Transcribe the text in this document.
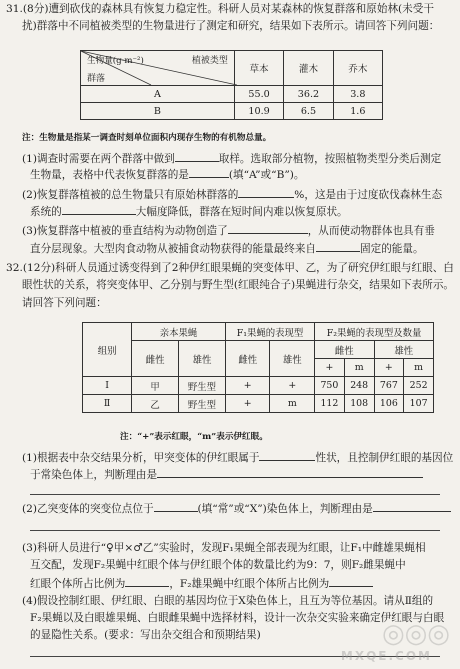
31.(8分)遭到砍伐的森林具有恢复力稳定性。科研人员对某森林的恢复群落和原始林(未受干
扰)群落中不同植被类型的生物量进行了测定和研究，结果如下表所示。请回答下列问题：
植被类型
生物量(g·m⁻²)
群落	草本	灌木	乔木
A	55.0	36.2	3.8
B	10.9	6.5	1.6
注：生物量是指某一调查时刻单位面积内现存生物的有机物总量。
(1)调查时需要在两个群落中做到	取样。选取部分植物，按照植物类型分类后测定
生物量，表格中代表恢复群落的是	(填“A”或“B”)。
(2)恢复群落植被的总生物量只有原始林群落的	%，这是由于过度砍伐森林生态
系统的	大幅度降低，群落在短时间内难以恢复原状。
(3)恢复群落中植被的垂直结构为动物创造了	，从而使动物群体也具有垂
直分层现象。大型肉食动物从被捕食动物获得的能量最终来自	固定的能量。
32.(12分)科研人员通过诱变得到了2种伊红眼果蝇的突变体甲、乙，为了研究伊红眼与红眼、白
眼性状的关系，将突变体甲、乙分别与野生型(红眼纯合子)果蝇进行杂交，结果如下表所示。
请回答下列问题：
组别	亲本果蝇		F₁果蝇的表现型		F₂果蝇的表现型及数量			
	雌性	雄性	雌性	雄性	雌性		雄性	
					+	m	+	m
Ⅰ	甲	野生型	+	+	750	248	767	252
Ⅱ	乙	野生型	+	m	112	108	106	107
注：“+”表示红眼，“m”表示伊红眼。
(1)根据表中杂交结果分析，甲突变体的伊红眼属于	性状，且控制伊红眼的基因位
于常染色体上，判断理由是
(2)乙突变体的突变位点位于	(填“常”或“X”)染色体上，判断理由是
(3)科研人员进行“♀甲×♂乙”实验时，发现F₁果蝇全部表现为红眼，让F₁中雌雄果蝇相
互交配，发现F₂果蝇中红眼个体与伊红眼个体的数量比约为9：7，则F₂雌果蝇中
红眼个体所占比例为	，F₂雄果蝇中红眼个体所占比例为
(4)假设控制红眼、伊红眼、白眼的基因均位于X染色体上，且互为等位基因。请从Ⅱ组的
F₂果蝇以及白眼雄果蝇、白眼雌果蝇中选择材料，设计一次杂交实验来确定伊红眼与白眼
的显隐性关系。(要求：写出杂交组合和预期结果)	◎◎◎
MXQE.COM
